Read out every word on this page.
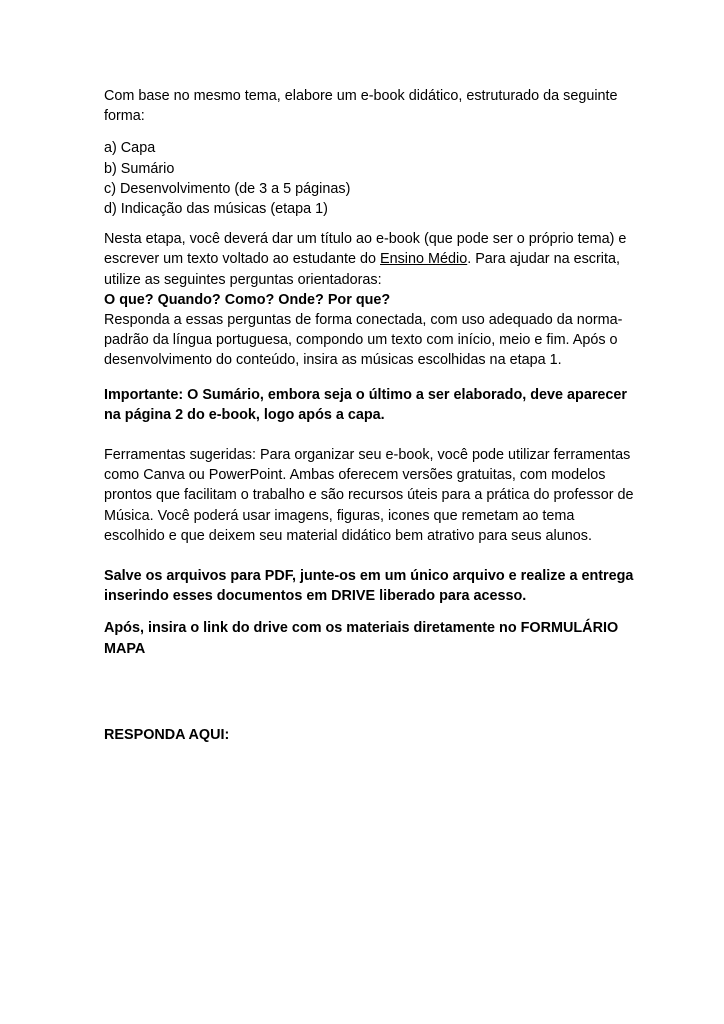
Com base no mesmo tema, elabore um e-book didático, estruturado da seguinte forma:

a) Capa
b) Sumário
c) Desenvolvimento (de 3 a 5 páginas)
d) Indicação das músicas (etapa 1)

Nesta etapa, você deverá dar um título ao e-book (que pode ser o próprio tema) e escrever um texto voltado ao estudante do Ensino Médio. Para ajudar na escrita, utilize as seguintes perguntas orientadoras:

O que? Quando? Como? Onde? Por que?

Responda a essas perguntas de forma conectada, com uso adequado da norma-padrão da língua portuguesa, compondo um texto com início, meio e fim. Após o desenvolvimento do conteúdo, insira as músicas escolhidas na etapa 1.

Importante: O Sumário, embora seja o último a ser elaborado, deve aparecer na página 2 do e-book, logo após a capa.

Ferramentas sugeridas: Para organizar seu e-book, você pode utilizar ferramentas como Canva ou PowerPoint. Ambas oferecem versões gratuitas, com modelos prontos que facilitam o trabalho e são recursos úteis para a prática do professor de Música. Você poderá usar imagens, figuras, icones que remetam ao tema escolhido e que deixem seu material didático bem atrativo para seus alunos.

Salve os arquivos para PDF, junte-os em um único arquivo e realize a entrega inserindo esses documentos em DRIVE liberado para acesso.

Após, insira o link do drive com os materiais diretamente no FORMULÁRIO MAPA

RESPONDA AQUI:
